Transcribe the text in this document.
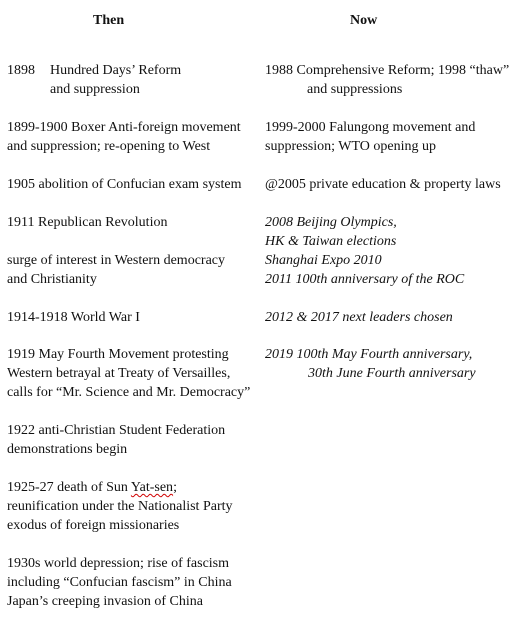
Then	Now
1898 Hundred Days’ Reform
and suppression
1899-1900 Boxer Anti-foreign movement
and suppression; re-opening to West
1905 abolition of Confucian exam system
1911 Republican Revolution
surge of interest in Western democracy
and Christianity
1914-1918 World War I
1919 May Fourth Movement protesting
Western betrayal at Treaty of Versailles,
calls for “Mr. Science and Mr. Democracy”
1922 anti-Christian Student Federation
demonstrations begin
1925-27 death of Sun Yat-sen;
reunification under the Nationalist Party
exodus of foreign missionaries
1930s world depression; rise of fascism
including “Confucian fascism” in China
Japan’s creeping invasion of China
1988 Comprehensive Reform; 1998 “thaw”
and suppressions
1999-2000 Falungong movement and
suppression; WTO opening up
@2005 private education & property laws
2008 Beijing Olympics,
HK & Taiwan elections
Shanghai Expo 2010
2011 100th anniversary of the ROC
2012 & 2017 next leaders chosen
2019 100th May Fourth anniversary,
30th June Fourth anniversary
